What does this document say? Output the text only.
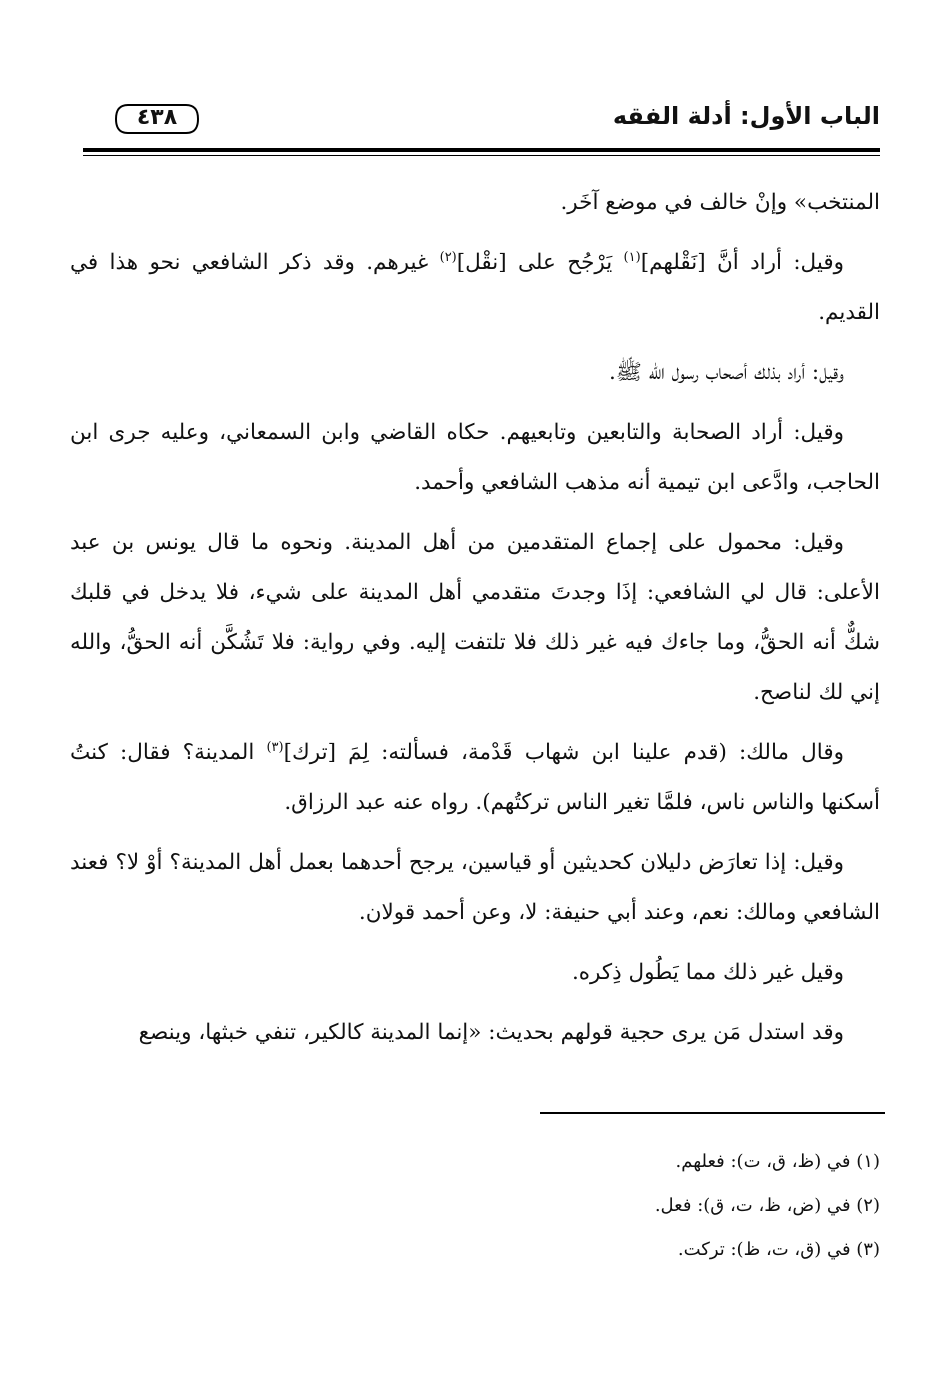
الباب الأول: أدلة الفقه
٤٣٨

المنتخب» وإنْ خالف في موضع آخَر.

وقيل: أراد أنَّ [نَقْلهم]$^{(١)}$ يَرْجُح على [نقْل]$^{(٢)}$ غيرهم. وقد ذكر الشافعي نحو هذا في القديم.

وقيل: أراد بذلك أصحاب رسول الله ﷺ.

وقيل: أراد الصحابة والتابعين وتابعيهم. حكاه القاضي وابن السمعاني، وعليه جرى ابن الحاجب، وادَّعى ابن تيمية أنه مذهب الشافعي وأحمد.

وقيل: محمول على إجماع المتقدمين من أهل المدينة. ونحوه ما قال يونس بن عبد الأعلى: قال لي الشافعي: إذَا وجدتَ متقدمي أهل المدينة على شيء، فلا يدخل في قلبك شكٌّ أنه الحقُّ، وما جاءك فيه غير ذلك فلا تلتفت إليه. وفي رواية: فلا تَشُكَّن أنه الحقُّ، والله إني لك لناصح.

وقال مالك: (قدم علينا ابن شهاب قَدْمة، فسألته: لِمَ [ترك]$^{(٣)}$ المدينة؟ فقال: كنتُ أسكنها والناس ناس، فلمَّا تغير الناس تركتُهم). رواه عنه عبد الرزاق.

وقيل: إذا تعارَض دليلان كحديثين أو قياسين، يرجح أحدهما بعمل أهل المدينة؟ أوْ لا؟ فعند الشافعي ومالك: نعم، وعند أبي حنيفة: لا، وعن أحمد قولان.

وقيل غير ذلك مما يَطُول ذِكره.

وقد استدل مَن يرى حجية قولهم بحديث: «إنما المدينة كالكير، تنفي خبثها، وينصع

(١) في (ظ، ق، ت): فعلهم.

(٢) في (ض، ظ، ت، ق): فعل.

(٣) في (ق، ت، ظ): تركت.
